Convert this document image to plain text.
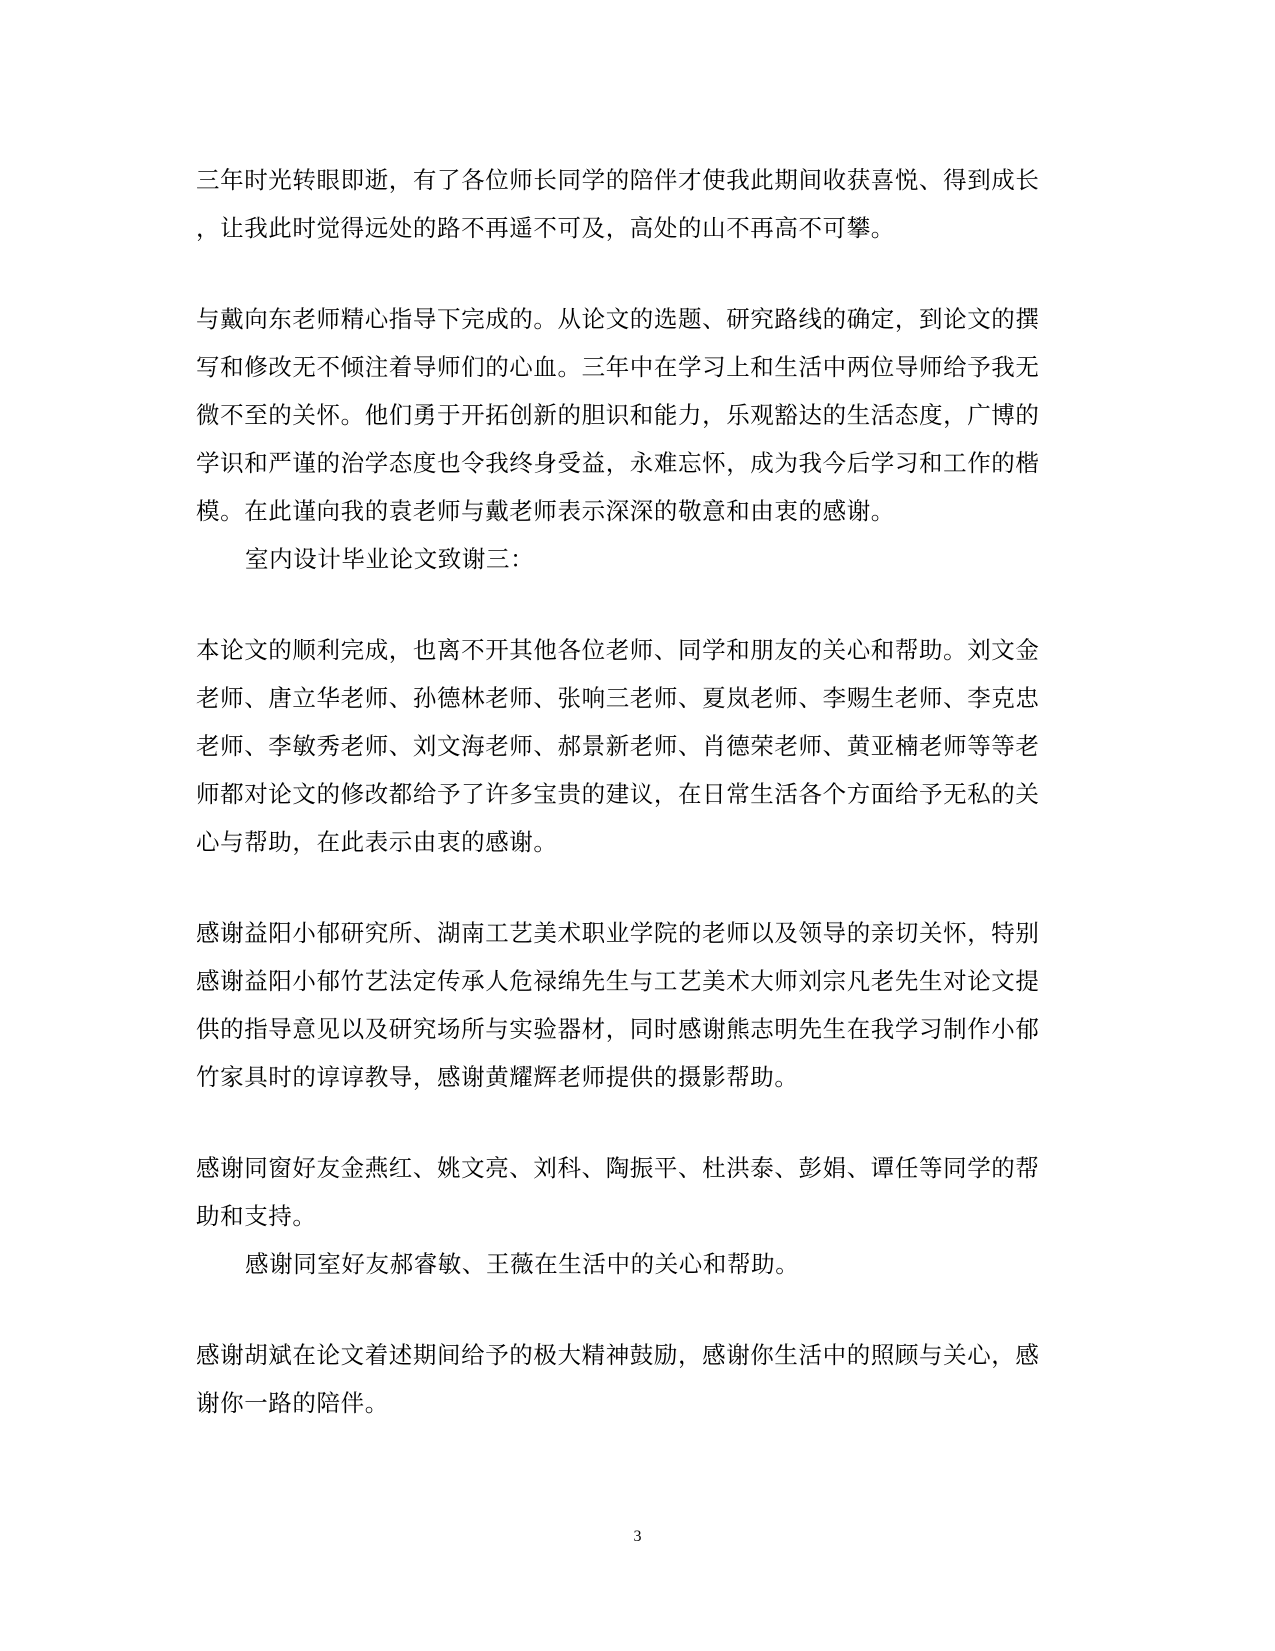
三年时光转眼即逝，有了各位师长同学的陪伴才使我此期间收获喜悦、得到成长
，让我此时觉得远处的路不再遥不可及，高处的山不再高不可攀。
与戴向东老师精心指导下完成的。从论文的选题、研究路线的确定，到论文的撰
写和修改无不倾注着导师们的心血。三年中在学习上和生活中两位导师给予我无
微不至的关怀。他们勇于开拓创新的胆识和能力，乐观豁达的生活态度，广博的
学识和严谨的治学态度也令我终身受益，永难忘怀，成为我今后学习和工作的楷
模。在此谨向我的袁老师与戴老师表示深深的敬意和由衷的感谢。
室内设计毕业论文致谢三：
本论文的顺利完成，也离不开其他各位老师、同学和朋友的关心和帮助。刘文金
老师、唐立华老师、孙德林老师、张响三老师、夏岚老师、李赐生老师、李克忠
老师、李敏秀老师、刘文海老师、郝景新老师、肖德荣老师、黄亚楠老师等等老
师都对论文的修改都给予了许多宝贵的建议，在日常生活各个方面给予无私的关
心与帮助，在此表示由衷的感谢。
感谢益阳小郁研究所、湖南工艺美术职业学院的老师以及领导的亲切关怀，特别
感谢益阳小郁竹艺法定传承人危禄绵先生与工艺美术大师刘宗凡老先生对论文提
供的指导意见以及研究场所与实验器材，同时感谢熊志明先生在我学习制作小郁
竹家具时的谆谆教导，感谢黄耀辉老师提供的摄影帮助。
感谢同窗好友金燕红、姚文亮、刘科、陶振平、杜洪泰、彭娟、谭任等同学的帮
助和支持。
感谢同室好友郝睿敏、王薇在生活中的关心和帮助。
感谢胡斌在论文着述期间给予的极大精神鼓励，感谢你生活中的照顾与关心，感
谢你一路的陪伴。
3
